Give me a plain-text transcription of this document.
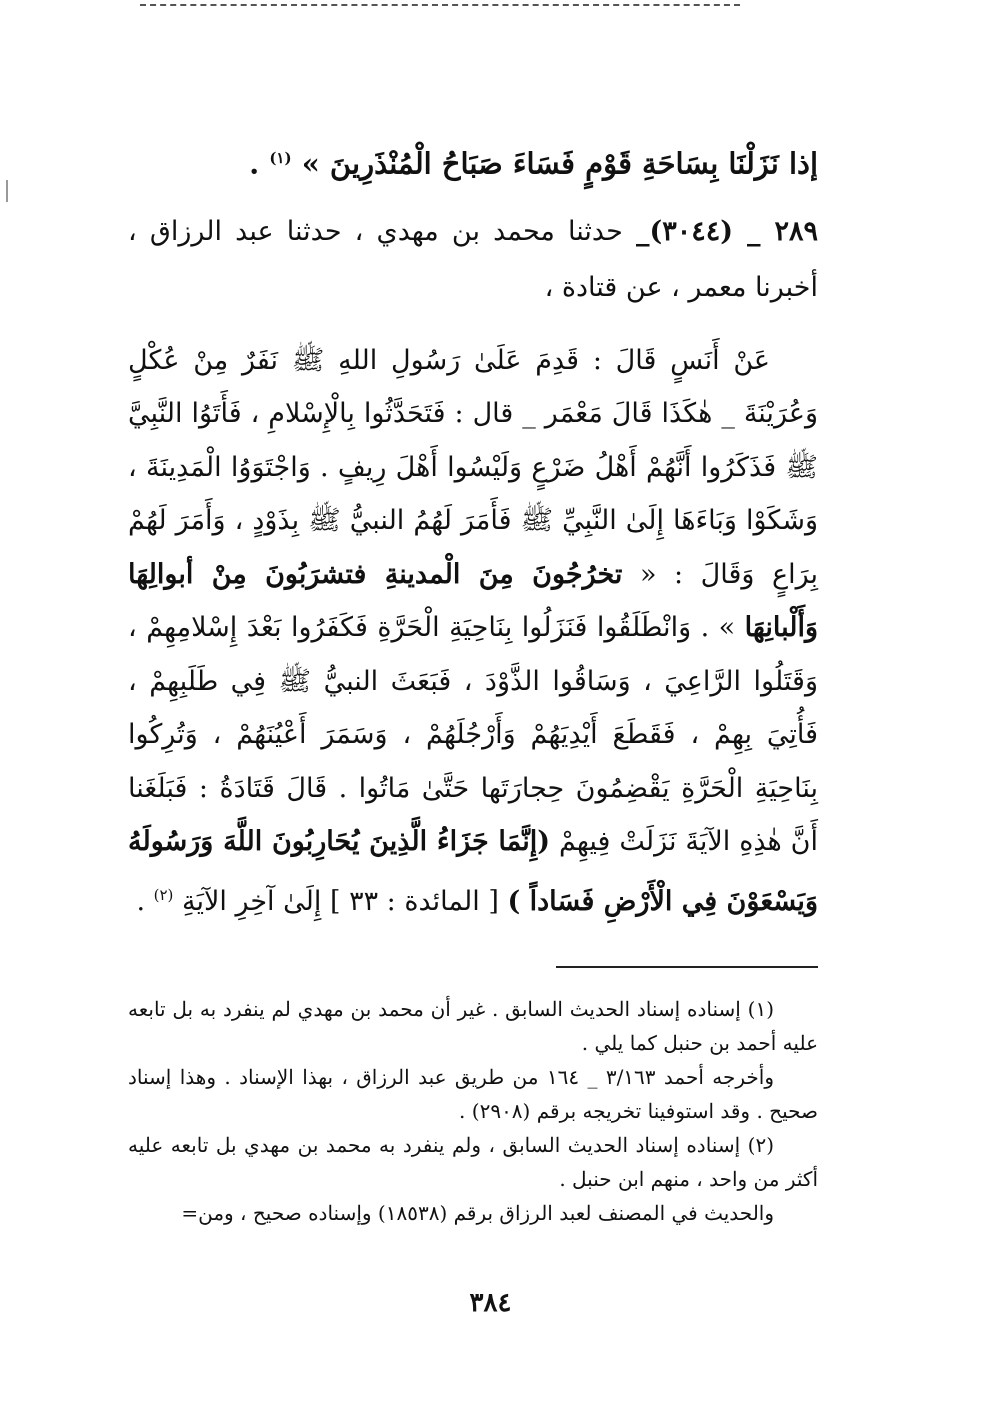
إذا نَزَلْنَا بِسَاحَةِ قَوْمٍ فَسَاءَ صَبَاحُ الْمُنْذَرِينَ » $^{(١)}$ .

٢٨٩ _ (٣٠٤٤)_ حدثنا محمد بن مهدي ، حدثنا عبد الرزاق ، أخبرنا معمر ، عن قتادة ،

عَنْ أَنَسٍ قَالَ : قَدِمَ عَلَىٰ رَسُولِ اللهِ ﷺ نَفَرٌ مِنْ عُكْلٍ وَعُرَيْنَةَ _ هٰكَذَا قَالَ مَعْمَر _ قال : فَتَحَدَّثُوا بِالْإِسْلامِ ، فَأَتَوُا النَّبِيَّ ﷺ فَذَكَرُوا أَنَّهُمْ أَهْلُ ضَرْعٍ وَلَيْسُوا أَهْلَ رِيفٍ . وَاجْتَوَوُا الْمَدِينَةَ ، وَشَكَوْا وَبَاءَهَا إِلَىٰ النَّبِيِّ ﷺ فَأَمَرَ لَهُمُ النبيُّ ﷺ بِذَوْدٍ ، وَأَمَرَ لَهُمْ بِرَاعٍ وَقَالَ : « تخرُجُونَ مِنَ الْمدينةِ فتشرَبُونَ مِنْ أبوالِهَا وَأَلْبانِهَا » . وَانْطَلَقُوا فَنَزَلُوا بِنَاحِيَةِ الْحَرَّةِ فَكَفَرُوا بَعْدَ إِسْلامِهِمْ ، وَقَتَلُوا الرَّاعِيَ ، وَسَاقُوا الذَّوْدَ ، فَبَعَثَ النبيُّ ﷺ فِي طَلَبِهِمْ ، فَأُتِيَ بِهِمْ ، فَقَطَعَ أَيْدِيَهُمْ وَأَرْجُلَهُمْ ، وَسَمَرَ أَعْيُنَهُمْ ، وَتُرِكُوا بِنَاحِيَةِ الْحَرَّةِ يَقْضِمُونَ حِجارَتَها حَتَّىٰ مَاتُوا . قَالَ قَتَادَةُ : فَبَلَغَنا أَنَّ هٰذِهِ الآيَةَ نَزَلَتْ فِيهِمْ (إِنَّمَا جَزَاءُ الَّذِينَ يُحَارِبُونَ اللَّهَ وَرَسُولَهُ وَيَسْعَوْنَ فِي الْأَرْضِ فَسَاداً ) [ المائدة : ٣٣ ] إِلَىٰ آخِرِ الآيَةِ $^{(٢)}$ .

(١) إسناده إسناد الحديث السابق . غير أن محمد بن مهدي لم ينفرد به بل تابعه عليه أحمد بن حنبل كما يلي .

وأخرجه أحمد ٣/١٦٣ _ ١٦٤ من طريق عبد الرزاق ، بهذا الإسناد . وهذا إسناد صحيح . وقد استوفينا تخريجه برقم (٢٩٠٨) .

(٢) إسناده إسناد الحديث السابق ، ولم ينفرد به محمد بن مهدي بل تابعه عليه أكثر من واحد ، منهم ابن حنبل .

والحديث في المصنف لعبد الرزاق برقم (١٨٥٣٨) وإسناده صحيح ، ومن=

٣٨٤
